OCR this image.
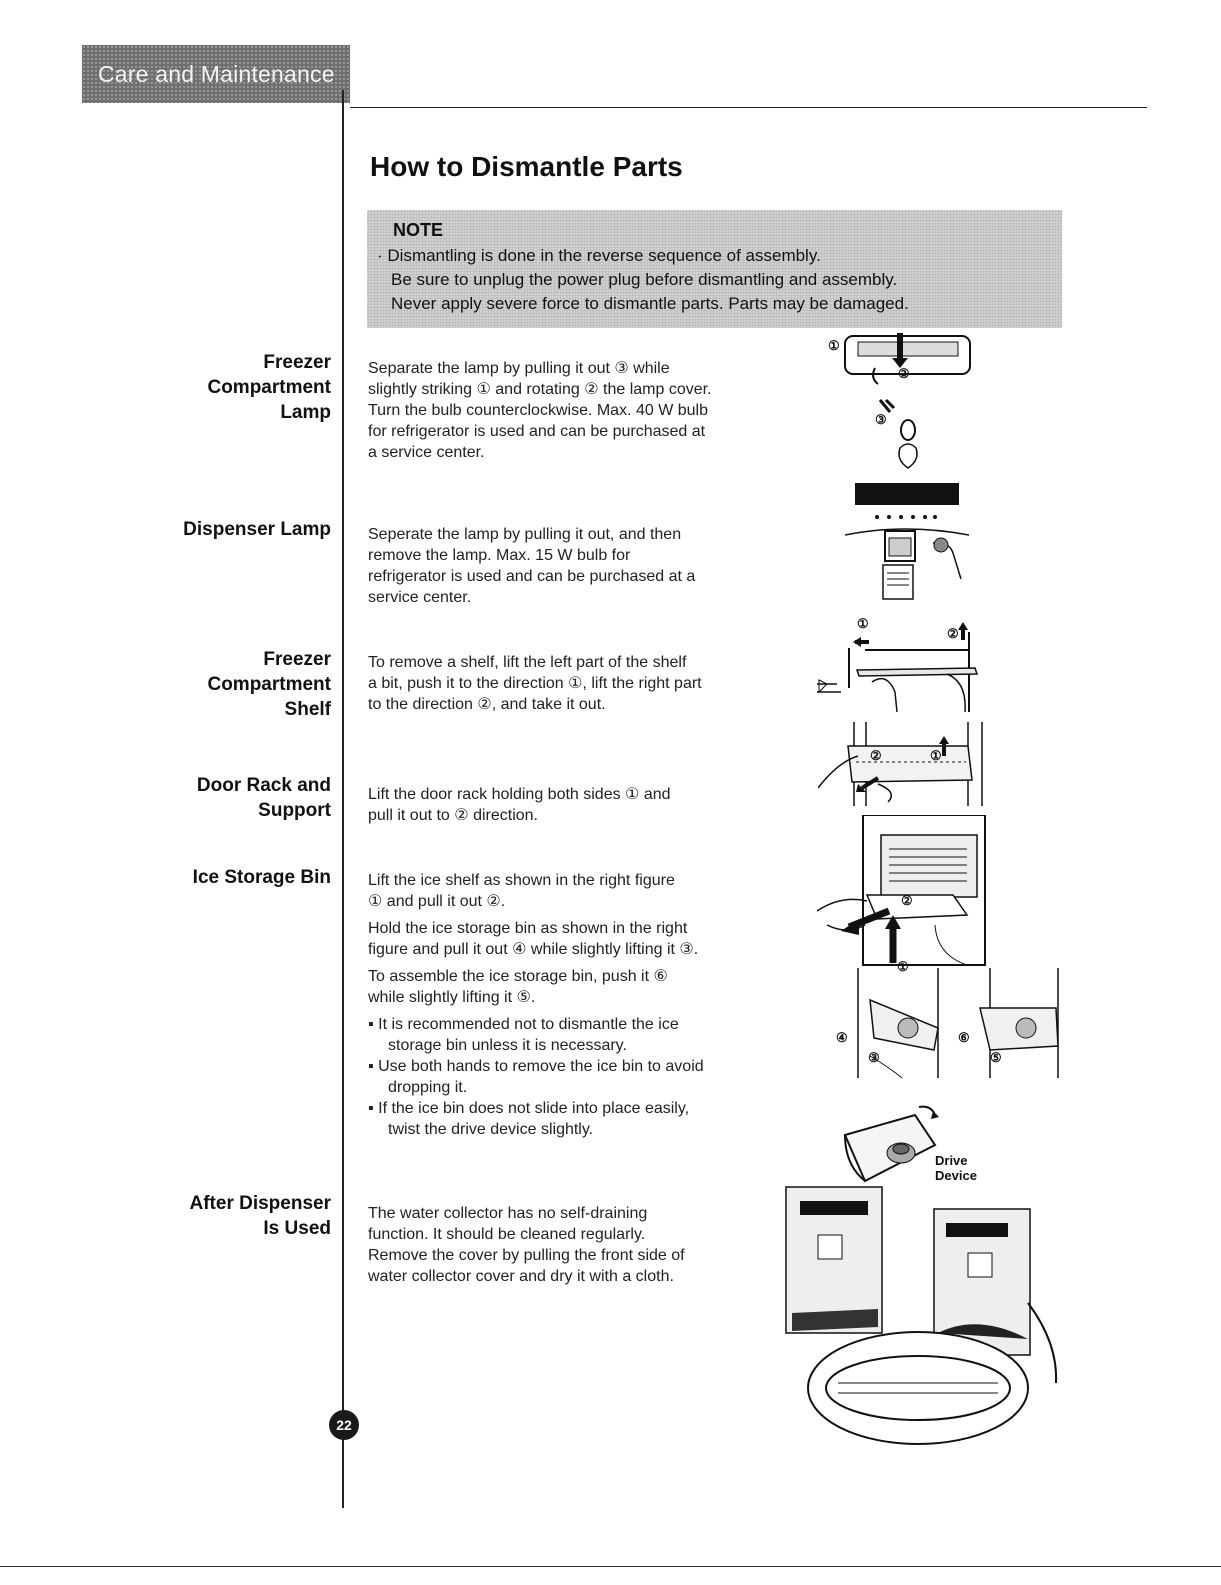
Care and Maintenance
22
How to Dismantle Parts
NOTE
· Dismantling is done in the reverse sequence of assembly.
Be sure to unplug the power plug before dismantling and assembly.
Never apply severe force to dismantle parts. Parts may be damaged.
Freezer
Compartment
Lamp
Dispenser Lamp
Freezer
Compartment
Shelf
Door Rack and
Support
Ice Storage Bin
After Dispenser
Is Used

Separate the lamp by pulling it out ③ while

slightly striking ① and rotating ② the lamp cover.

Turn the bulb counterclockwise. Max. 40 W bulb

for refrigerator is used and can be purchased at

a service center.

Seperate the lamp by pulling it out, and then

remove the lamp. Max. 15 W bulb for

refrigerator is used and can be purchased at a

service center.

To remove a shelf, lift the left part of the shelf

a bit, push it to the direction ①, lift the right part

to the direction ②, and take it out.

Lift the door rack holding both sides ① and

pull it out to ② direction.

Lift the ice shelf as shown in the right figure

① and pull it out ②.

Hold the ice storage bin as shown in the right

figure and pull it out ④ while slightly lifting it ③.

To assemble the ice storage bin, push it ⑥

while slightly lifting it ⑤.

▪ It is recommended not to dismantle the ice
storage bin unless it is necessary.

▪ Use both hands to remove the ice bin to avoid
dropping it.

▪ If the ice bin does not slide into place easily,
twist the drive device slightly.

The water collector has no self-draining

function. It should be cleaned regularly.

Remove the cover by pulling the front side of

water collector cover and dry it with a cloth.

①
②
③
①
②
②	①
②
①
④
③
⑥
⑤
Drive
Device
